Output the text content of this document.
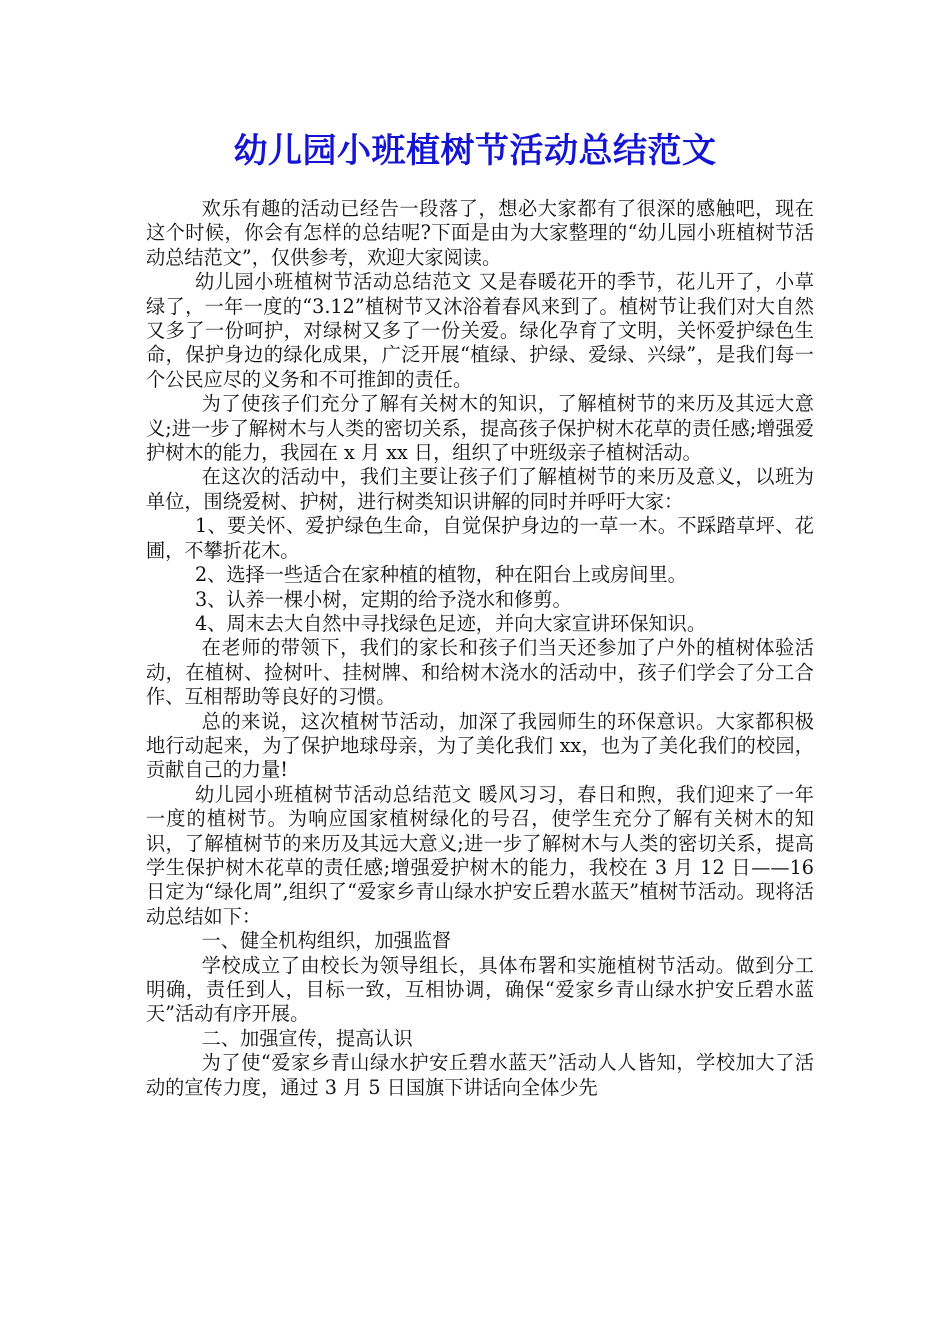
幼儿园小班植树节活动总结范文

欢乐有趣的活动已经告一段落了，想必大家都有了很深的感触吧，现在这个时候，你会有怎样的总结呢?下面是由为大家整理的“幼儿园小班植树节活动总结范文”，仅供参考，欢迎大家阅读。

幼儿园小班植树节活动总结范文 又是春暖花开的季节，花儿开了，小草绿了，一年一度的“3.12”植树节又沐浴着春风来到了。植树节让我们对大自然又多了一份呵护，对绿树又多了一份关爱。绿化孕育了文明，关怀爱护绿色生命，保护身边的绿化成果，广泛开展“植绿、护绿、爱绿、兴绿”，是我们每一个公民应尽的义务和不可推卸的责任。

为了使孩子们充分了解有关树木的知识，了解植树节的来历及其远大意义;进一步了解树木与人类的密切关系，提高孩子保护树木花草的责任感;增强爱护树木的能力，我园在 x 月 xx 日，组织了中班级亲子植树活动。

在这次的活动中，我们主要让孩子们了解植树节的来历及意义，以班为单位，围绕爱树、护树，进行树类知识讲解的同时并呼吁大家：

1、要关怀、爱护绿色生命，自觉保护身边的一草一木。不踩踏草坪、花圃，不攀折花木。

2、选择一些适合在家种植的植物，种在阳台上或房间里。

3、认养一棵小树，定期的给予浇水和修剪。

4、周末去大自然中寻找绿色足迹，并向大家宣讲环保知识。

在老师的带领下，我们的家长和孩子们当天还参加了户外的植树体验活动，在植树、捡树叶、挂树牌、和给树木浇水的活动中，孩子们学会了分工合作、互相帮助等良好的习惯。

总的来说，这次植树节活动，加深了我园师生的环保意识。大家都积极地行动起来，为了保护地球母亲，为了美化我们 xx，也为了美化我们的校园，贡献自己的力量!

幼儿园小班植树节活动总结范文 暖风习习，春日和煦，我们迎来了一年一度的植树节。为响应国家植树绿化的号召，使学生充分了解有关树木的知识，了解植树节的来历及其远大意义;进一步了解树木与人类的密切关系，提高学生保护树木花草的责任感;增强爱护树木的能力，我校在 3 月 12 日——16 日定为“绿化周”,组织了“爱家乡青山绿水护安丘碧水蓝天”植树节活动。现将活动总结如下：

一、健全机构组织，加强监督

学校成立了由校长为领导组长，具体布署和实施植树节活动。做到分工明确，责任到人，目标一致，互相协调，确保“爱家乡青山绿水护安丘碧水蓝天”活动有序开展。

二、加强宣传，提高认识

为了使“爱家乡青山绿水护安丘碧水蓝天”活动人人皆知，学校加大了活动的宣传力度，通过 3 月 5 日国旗下讲话向全体少先
